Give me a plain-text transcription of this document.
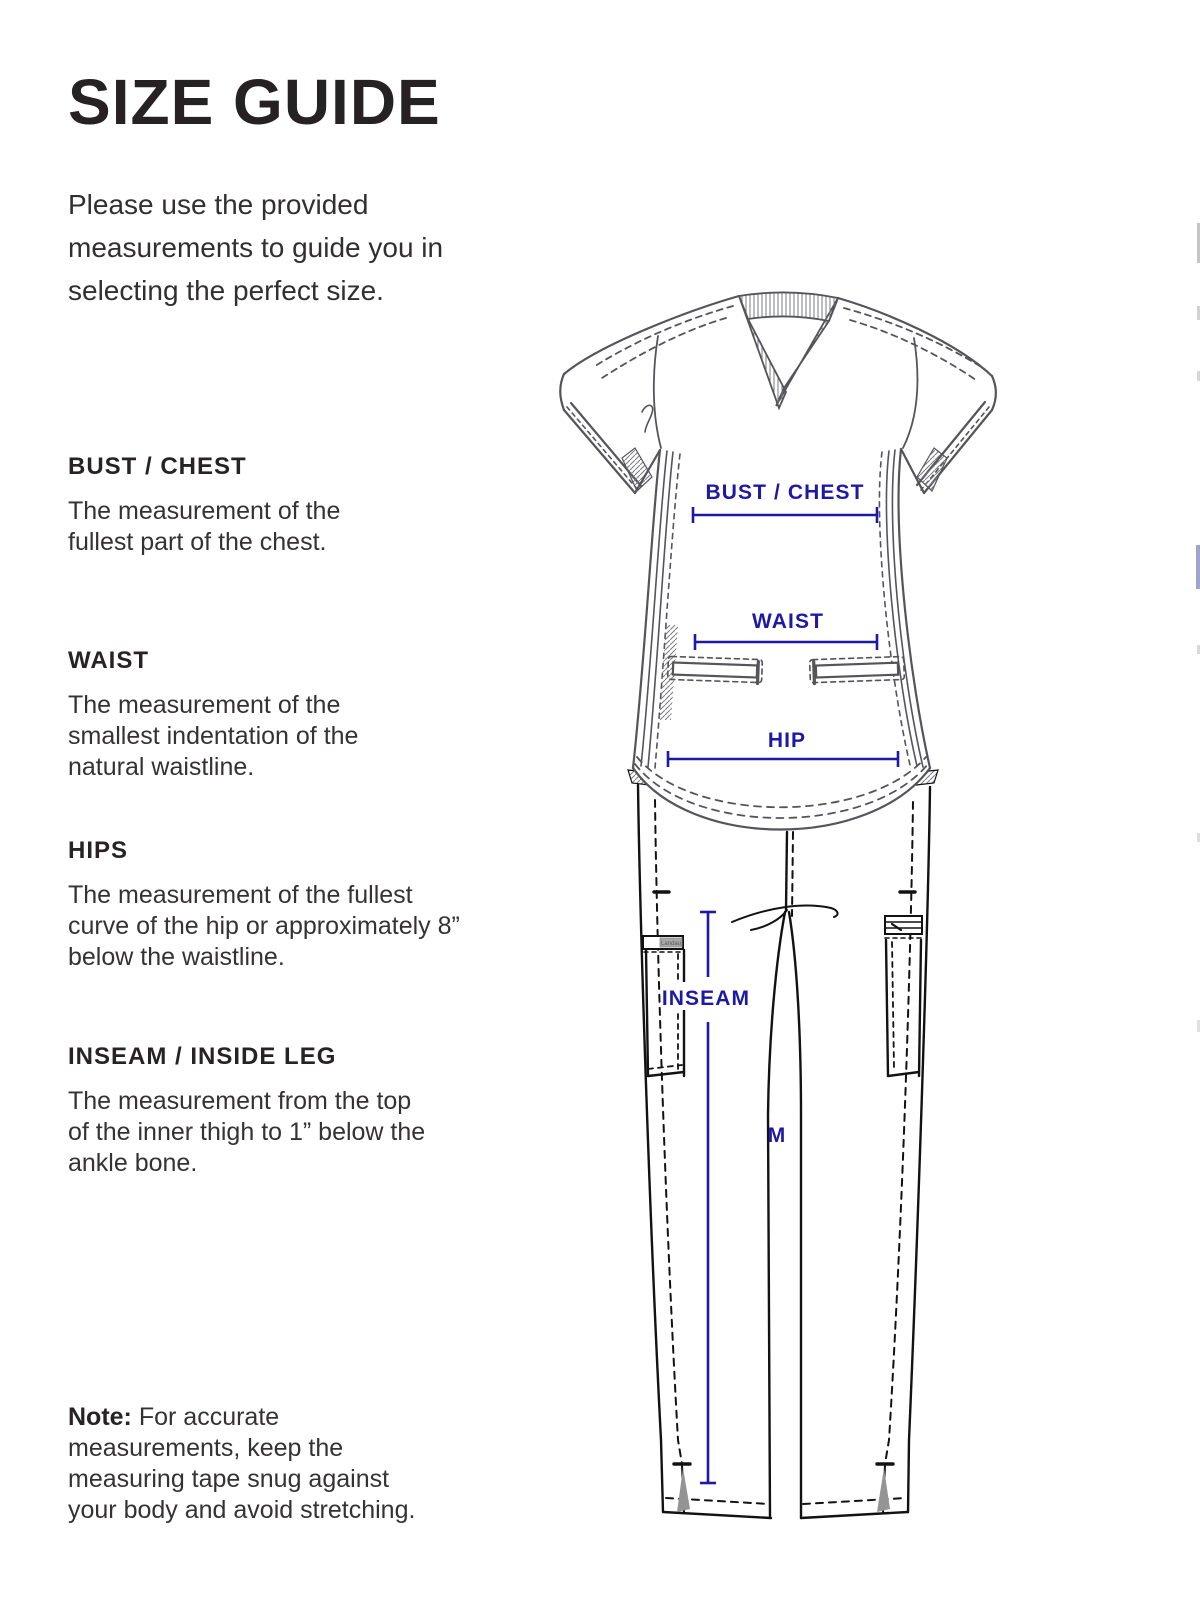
SIZE GUIDE
Please use the provided measurements to guide you in selecting the perfect size.
BUST / CHEST
The measurement of the fullest part of the chest.
WAIST
The measurement of the smallest indentation of the natural waistline.
HIPS
The measurement of the fullest curve of the hip or approximately 8” below the waistline.
INSEAM / INSIDE LEG
The measurement from the top of the inner thigh to 1” below the ankle bone.
Note: For accurate measurements, keep the measuring tape snug against your body and avoid stretching.
Landau
BUST / CHEST
WAIST
HIP
INSEAM
M
